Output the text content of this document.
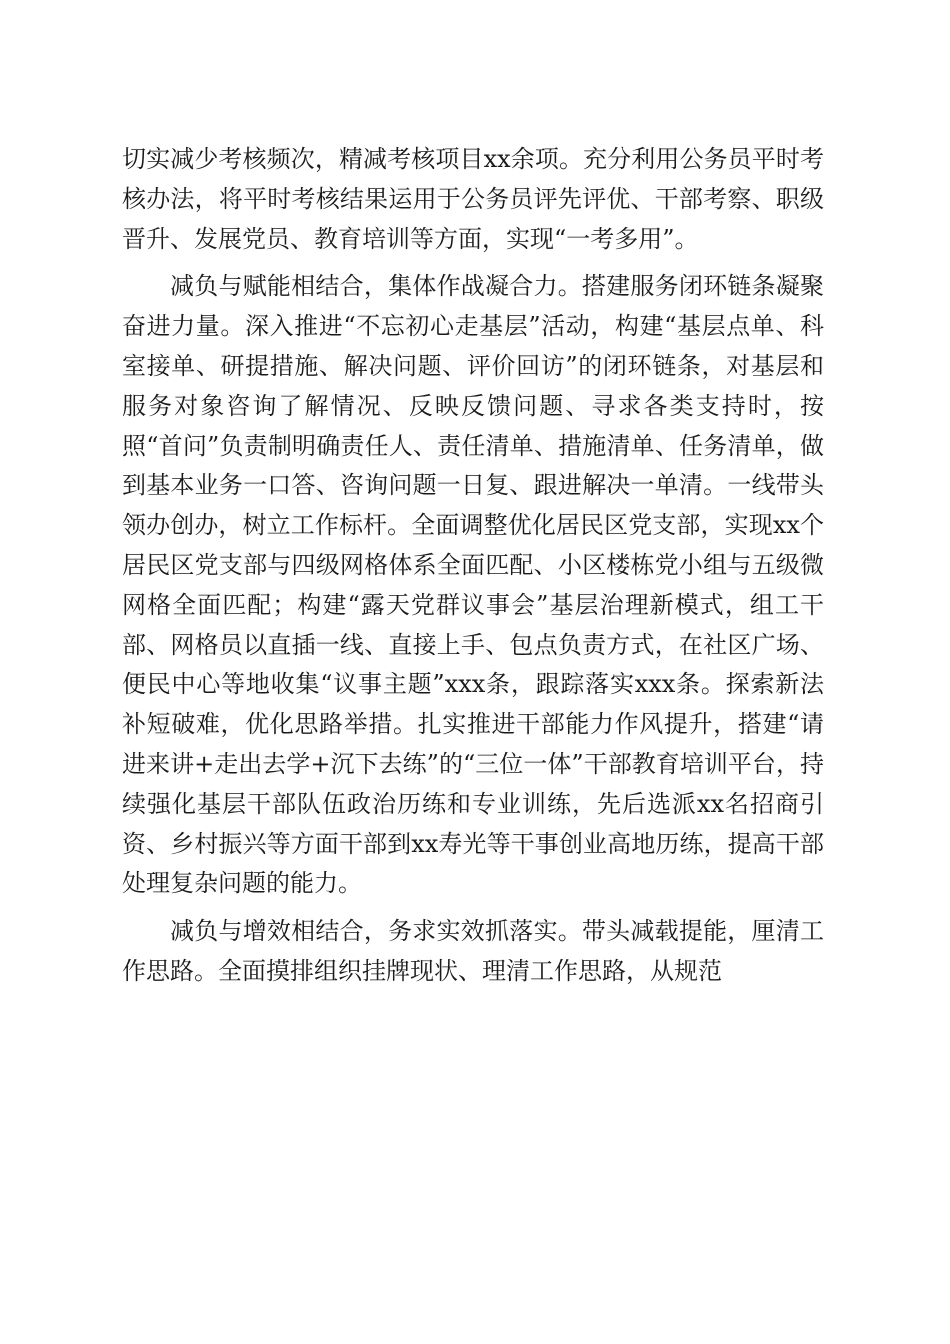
切实减少考核频次，精减考核项目xx余项。充分利用公务员平时考核办法，将平时考核结果运用于公务员评先评优、干部考察、职级晋升、发展党员、教育培训等方面，实现“一考多用”。

减负与赋能相结合，集体作战凝合力。搭建服务闭环链条凝聚奋进力量。深入推进“不忘初心走基层”活动，构建“基层点单、科室接单、研提措施、解决问题、评价回访”的闭环链条，对基层和服务对象咨询了解情况、反映反馈问题、寻求各类支持时，按照“首问”负责制明确责任人、责任清单、措施清单、任务清单，做到基本业务一口答、咨询问题一日复、跟进解决一单清。一线带头领办创办，树立工作标杆。全面调整优化居民区党支部，实现xx个居民区党支部与四级网格体系全面匹配、小区楼栋党小组与五级微网格全面匹配；构建“露天党群议事会”基层治理新模式，组工干部、网格员以直插一线、直接上手、包点负责方式，在社区广场、便民中心等地收集“议事主题”xxx条，跟踪落实xxx条。探索新法补短破难，优化思路举措。扎实推进干部能力作风提升，搭建“请进来讲+走出去学+沉下去练”的“三位一体”干部教育培训平台，持续强化基层干部队伍政治历练和专业训练，先后选派xx名招商引资、乡村振兴等方面干部到xx寿光等干事创业高地历练，提高干部处理复杂问题的能力。

减负与增效相结合，务求实效抓落实。带头减载提能，厘清工作思路。全面摸排组织挂牌现状、理清工作思路，从规范
